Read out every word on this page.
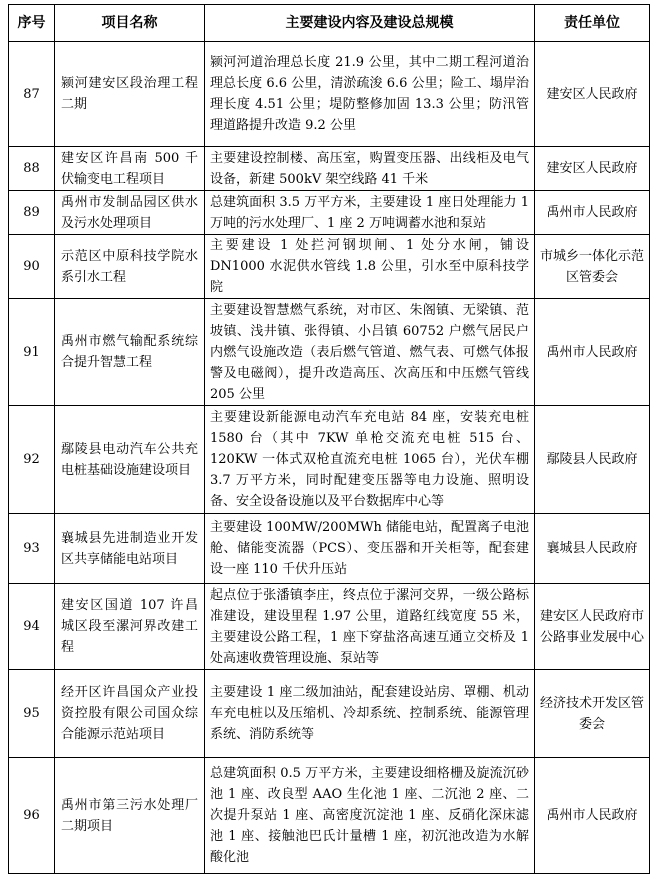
序号	项目名称	主要建设内容及建设总规模	责任单位
87	颍河建安区段治理工程二期	颍河河道治理总长度 21.9 公里，其中二期工程河道治理总长度 6.6 公里，清淤疏浚 6.6 公里；险工、塌岸治理长度 4.51 公里；堤防整修加固 13.3 公里；防汛管理道路提升改造 9.2 公里	建安区人民政府
88	建安区许昌南 500 千伏输变电工程项目	主要建设控制楼、高压室，购置变压器、出线柜及电气设备，新建 500kV 架空线路 41 千米	建安区人民政府
89	禹州市发制品园区供水及污水处理项目	总建筑面积 3.5 万平方米，主要建设 1 座日处理能力 1 万吨的污水处理厂、1 座 2 万吨调蓄水池和泵站	禹州市人民政府
90	示范区中原科技学院水系引水工程	主要建设 1 处拦河钢坝闸、1 处分水闸，铺设 DN1000 水泥供水管线 1.8 公里，引水至中原科技学院	市城乡一体化示范区管委会
91	禹州市燃气输配系统综合提升智慧工程	主要建设智慧燃气系统，对市区、朱阁镇、无梁镇、范坡镇、浅井镇、张得镇、小吕镇 60752 户燃气居民户内燃气设施改造（表后燃气管道、燃气表、可燃气体报警及电磁阀），提升改造高压、次高压和中压燃气管线 205 公里	禹州市人民政府
92	鄢陵县电动汽车公共充电桩基础设施建设项目	主要建设新能源电动汽车充电站 84 座，安装充电桩 1580 台（其中 7KW 单枪交流充电桩 515 台、120KW 一体式双枪直流充电桩 1065 台），光伏车棚 3.7 万平方米，同时配建变压器等电力设施、照明设备、安全设备设施以及平台数据库中心等	鄢陵县人民政府
93	襄城县先进制造业开发区共享储能电站项目	主要建设 100MW/200MWh 储能电站，配置离子电池舱、储能变流器（PCS）、变压器和开关柜等，配套建设一座 110 千伏升压站	襄城县人民政府
94	建安区国道 107 许昌城区段至漯河界改建工程	起点位于张潘镇李庄，终点位于漯河交界，一级公路标准建设，建设里程 1.97 公里，道路红线宽度 55 米，主要建设公路工程，1 座下穿盐洛高速互通立交桥及 1 处高速收费管理设施、泵站等	建安区人民政府市公路事业发展中心
95	经开区许昌国众产业投资控股有限公司国众综合能源示范站项目	主要建设 1 座二级加油站，配套建设站房、罩棚、机动车充电桩以及压缩机、冷却系统、控制系统、能源管理系统、消防系统等	经济技术开发区管委会
96	禹州市第三污水处理厂二期项目	总建筑面积 0.5 万平方米，主要建设细格栅及旋流沉砂池 1 座、改良型 AAO 生化池 1 座、二沉池 2 座、二次提升泵站 1 座、高密度沉淀池 1 座、反硝化深床滤池 1 座、接触池巴氏计量槽 1 座，初沉池改造为水解酸化池	禹州市人民政府
